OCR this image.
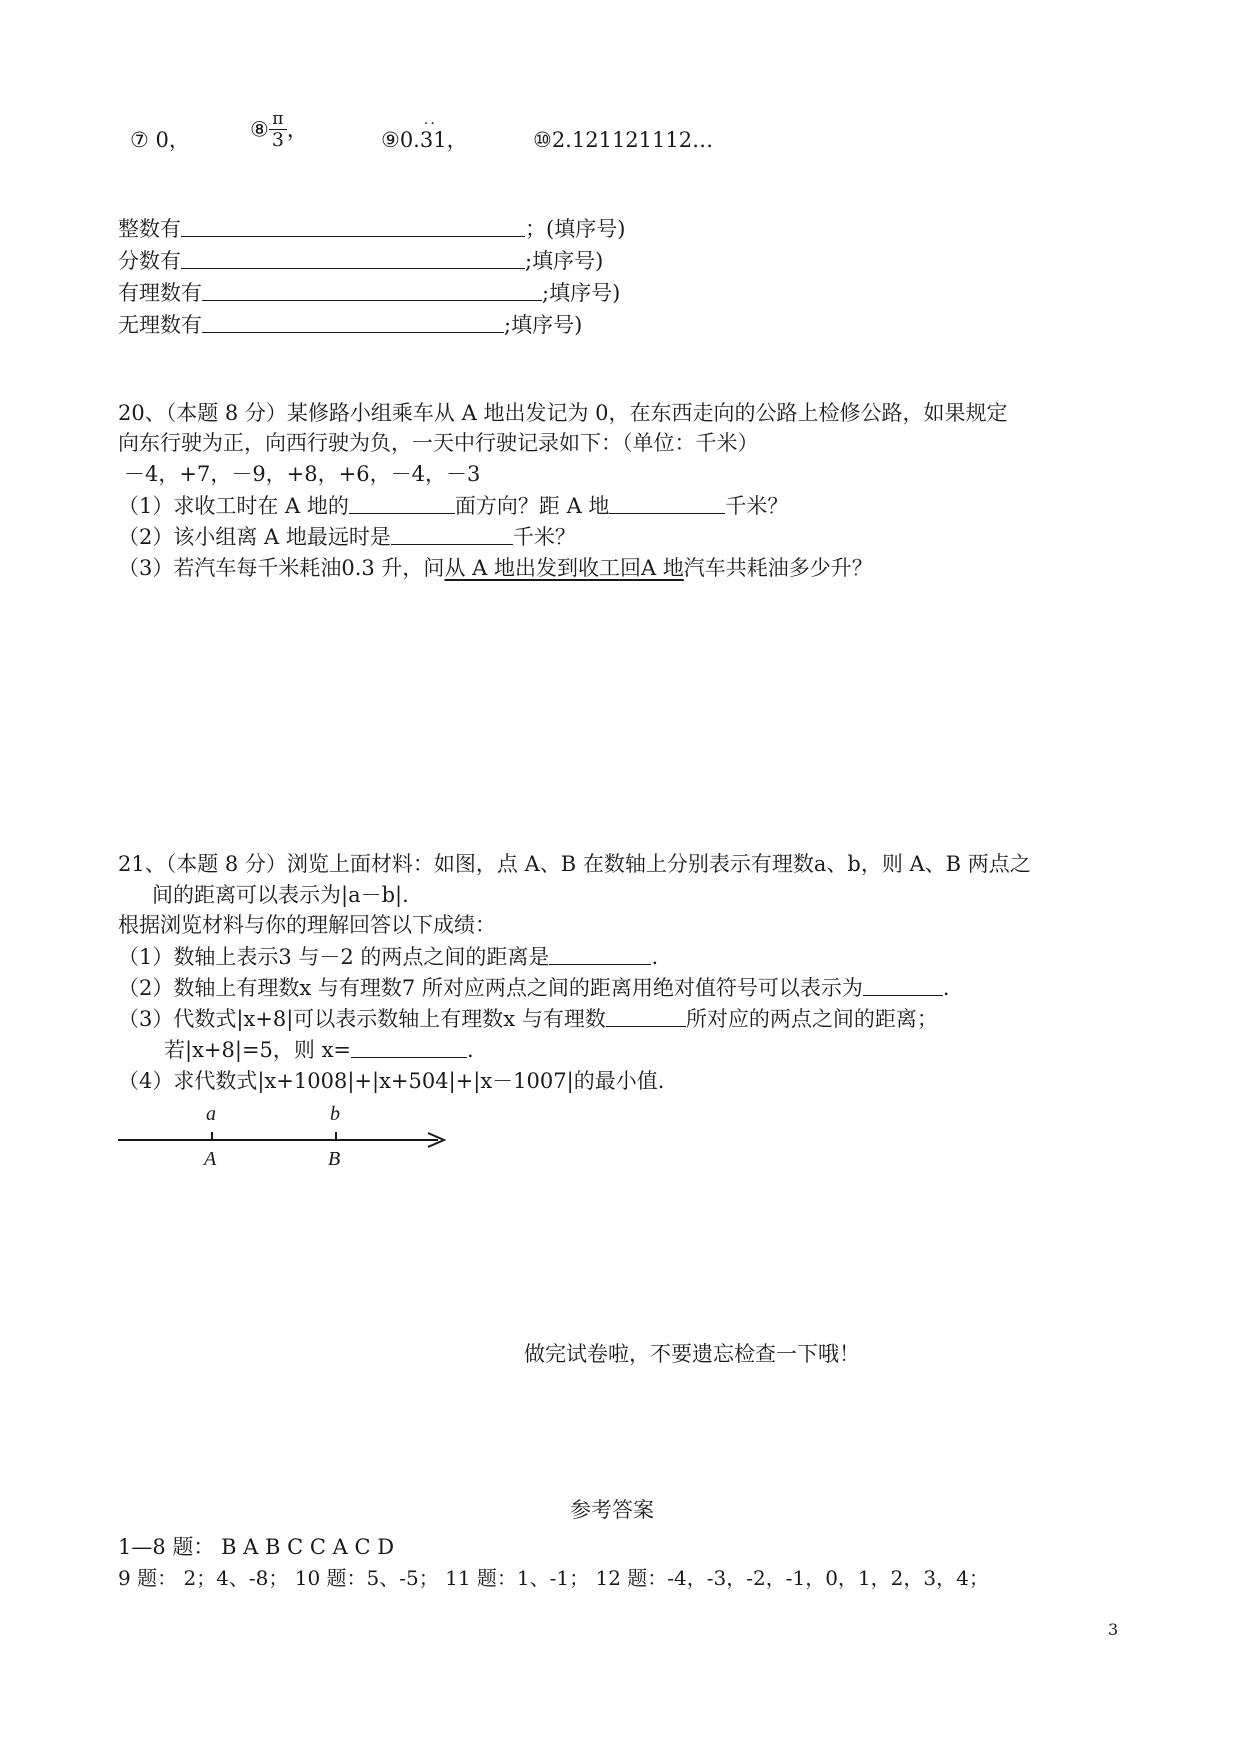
⑦ 0，	⑧ $\frac{\pi}{3}$ ，	⑨0.
··
31，	⑩2.121121112…
整数有	；(填序号)
分数有	;填序号)
有理数有	;填序号)
无理数有	;填序号)
20、（本题 8 分）某修路小组乘车从 A 地出发记为 0，在东西走向的公路上检修公路，如果规定
向东行驶为正，向西行驶为负，一天中行驶记录如下：（单位：千米）
－4，+7，－9，+8，+6，－4，－3
（1）求收工时在 A 地的	面方向？距 A 地	千米？
（2）该小组离 A 地最远时是	千米？
（3）若汽车每千米耗油0.3 升，问从 A 地出发到收工回A 地汽车共耗油多少升？
21、（本题 8 分）浏览上面材料：如图，点 A、B 在数轴上分别表示有理数a、b，则 A、B 两点之
间的距离可以表示为|a－b|.
根据浏览材料与你的理解回答以下成绩：
（1）数轴上表示3 与－2 的两点之间的距离是	.
（2）数轴上有理数x 与有理数7 所对应两点之间的距离用绝对值符号可以表示为	.
（3）代数式|x+8|可以表示数轴上有理数x 与有理数	所对应的两点之间的距离；
若|x+8|=5，则 x=	.
（4）求代数式|x+1008|+|x+504|+|x－1007|的最小值.
a	b
A	B
做完试卷啦，不要遗忘检查一下哦！
参考答案
1—8 题： B A B C C A C D
9 题： 2；4、-8； 10 题：5、-5； 11 题：1、-1； 12 题：-4，-3，-2，-1，0，1，2，3，4；
3
